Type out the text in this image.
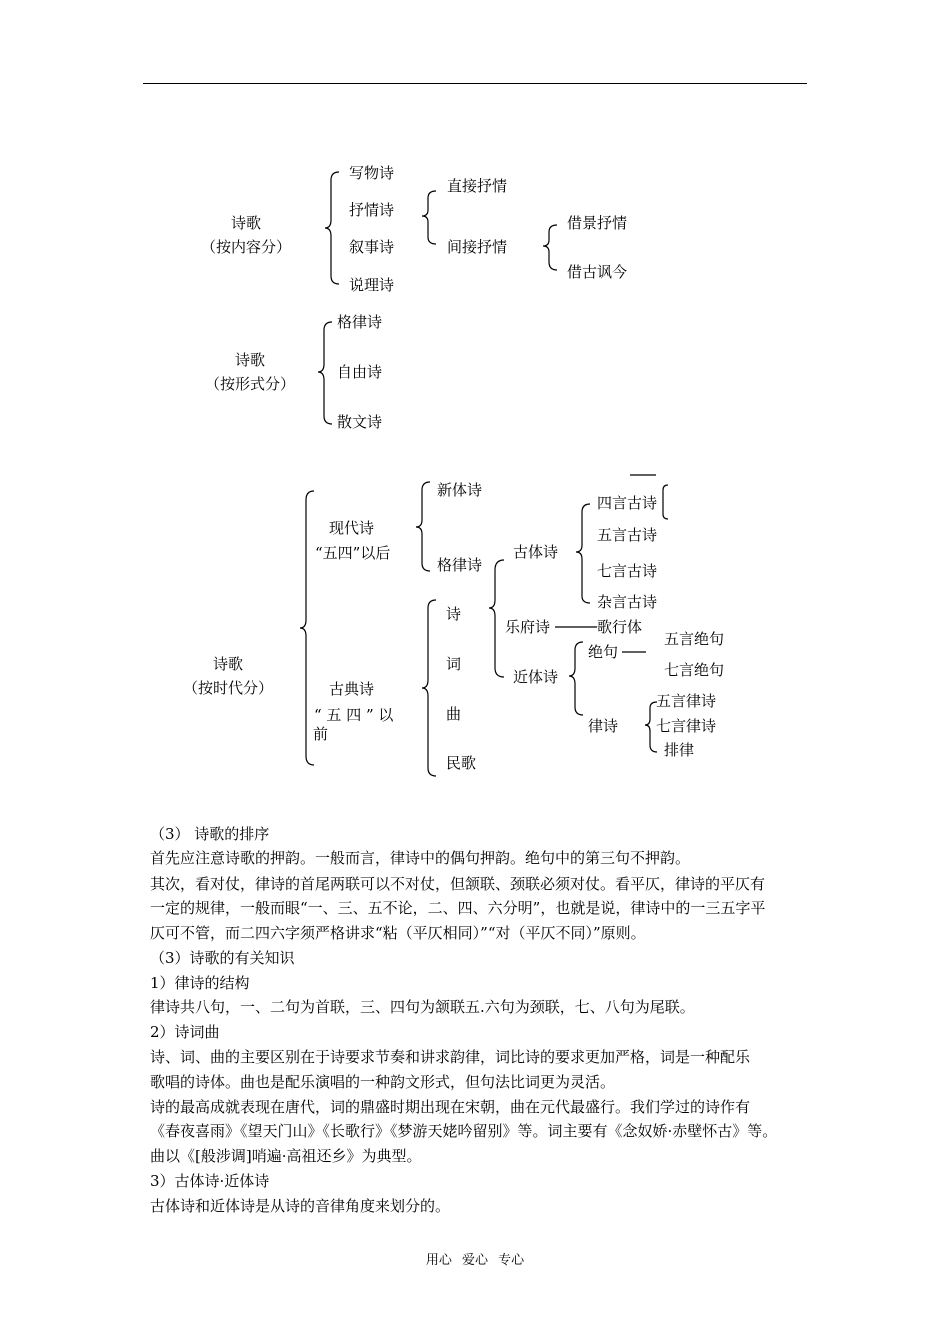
诗歌
（按内容分）
写物诗
抒情诗
叙事诗
说理诗
直接抒情
间接抒情
借景抒情
借古讽今
诗歌
（按形式分）
格律诗
自由诗
散文诗
诗歌
（按时代分）
现代诗
“五四”以后
新体诗
格律诗
古典诗
“ 五 四 ” 以
前
诗
词
曲
民歌
古体诗
乐府诗
近体诗
四言古诗
五言古诗
七言古诗
杂言古诗
歌行体
绝句
律诗
五言绝句
七言绝句
五言律诗
七言律诗
排律
（3） 诗歌的排序
首先应注意诗歌的押韵。一般而言，律诗中的偶句押韵。绝句中的第三句不押韵。
其次，看对仗，律诗的首尾两联可以不对仗，但颔联、颈联必须对仗。看平仄，律诗的平仄有
一定的规律，一般而眼“一、三、五不论，二、四、六分明”，也就是说，律诗中的一三五字平
仄可不管，而二四六字须严格讲求“粘（平仄相同）”“对（平仄不同）”原则。
（3）诗歌的有关知识
1）律诗的结构
律诗共八句，一、二句为首联，三、四句为颔联五.六句为颈联，七、八句为尾联。
2）诗词曲
诗、词、曲的主要区别在于诗要求节奏和讲求韵律，词比诗的要求更加严格，词是一种配乐
歌唱的诗体。曲也是配乐演唱的一种韵文形式，但句法比词更为灵活。
诗的最高成就表现在唐代，词的鼎盛时期出现在宋朝，曲在元代最盛行。我们学过的诗作有
《春夜喜雨》《望天门山》《长歌行》《梦游天姥吟留别》等。词主要有《念奴娇·赤壁怀古》等。
曲以《[般涉调]哨遍·高祖还乡》为典型。
3）古体诗·近体诗
古体诗和近体诗是从诗的音律角度来划分的。
用心 爱心 专心
